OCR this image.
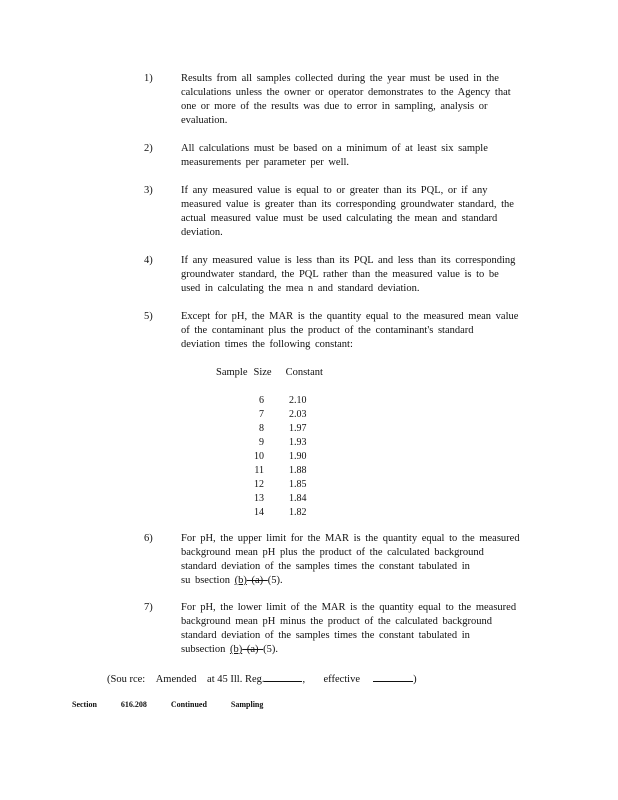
1)	Results from all samples collected during the year must be used in the
calculations unless the owner or operator demonstrates to the Agency that
one or more of the results was due to error in sampling, analysis or
evaluation.
2)	All calculations must be based on a minimum of at least six sample
measurements per parameter per well.
3)	If any measured value is equal to or greater than its PQL, or if any
measured value is greater than its corresponding groundwater standard, the
actual measured value must be used calculating the mean and standard
deviation.
4)	If any measured value is less than its PQL and less than its corresponding
groundwater standard, the PQL rather than the measured value is to be
used in calculating the mea n and standard deviation.
5)	Except for pH, the MAR is the quantity equal to the measured mean value
of the contaminant plus the product of the contaminant's standard
deviation times the following constant:
Sample Size Constant
6	2.10
7	2.03
8	1.97
9	1.93
10	1.90
11	1.88
12	1.85
13	1.84
14	1.82
6)	For pH, the upper limit for the MAR is the quantity equal to the measured
background mean pH plus the product of the calculated background
standard deviation of the samples times the constant tabulated in
su bsection (b) (a) (5).
7)	For pH, the lower limit of the MAR is the quantity equal to the measured
background mean pH minus the product of the calculated background
standard deviation of the samples times the constant tabulated in
subsection (b) (a) (5).
(Sou rce: Amended at 45 Ill. Reg.	, effective	)
Section	616.208	Continued	Sampling
